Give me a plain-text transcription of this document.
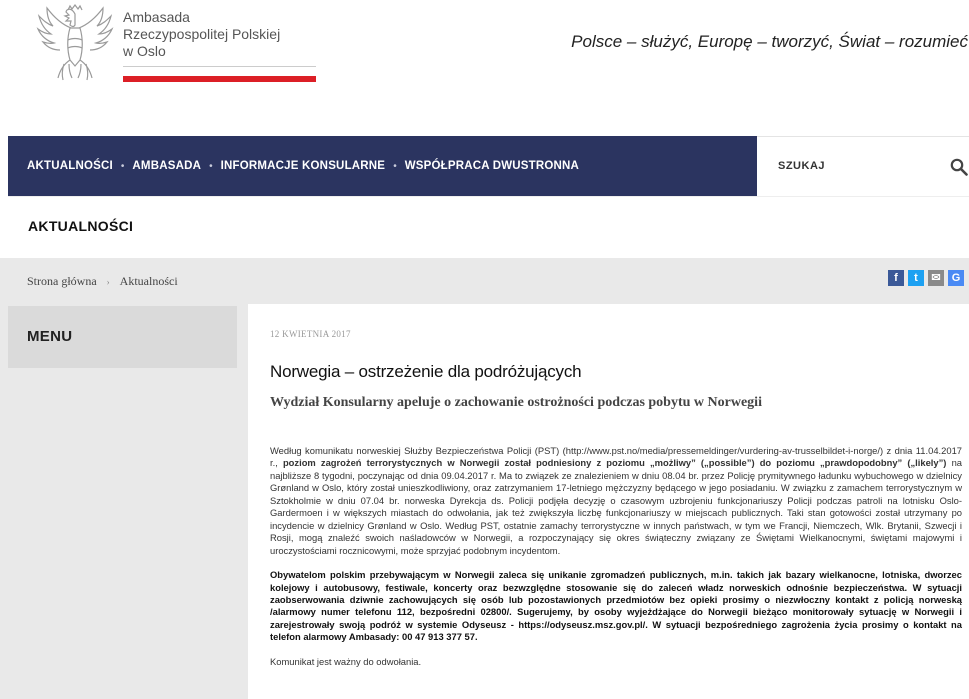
Ambasada
Rzeczypospolitej Polskiej
w Oslo	Polsce – służyć, Europę – tworzyć, Świat – rozumieć
AKTUALNOŚCI • AMBASADA • INFORMACJE KONSULARNE • WSPÓŁPRACA DWUSTRONNA	SZUKAJ
AKTUALNOŚCI
Strona główna › Aktualności	f	t	✉	G
MENU	12 KWIETNIA 2017
Norwegia – ostrzeżenie dla podróżujących
Wydział Konsularny apeluje o zachowanie ostrożności podczas pobytu w Norwegii

Według komunikatu norweskiej Służby Bezpieczeństwa Policji (PST) (http://www.pst.no/media/pressemeldinger/vurdering-av-trusselbildet-i-norge/) z dnia 11.04.2017 r., poziom zagrożeń terrorystycznych w Norwegii został podniesiony z poziomu „możliwy” („possible”) do poziomu „prawdopodobny” („likely”) na najbliższe 8 tygodni, poczynając od dnia 09.04.2017 r. Ma to związek ze znalezieniem w dniu 08.04 br. przez Policję prymitywnego ładunku wybuchowego w dzielnicy Grønland w Oslo, który został unieszkodliwiony, oraz zatrzymaniem 17-letniego mężczyzny będącego w jego posiadaniu. W związku z zamachem terrorystycznym w Sztokholmie w dniu 07.04 br. norweska Dyrekcja ds. Policji podjęła decyzję o czasowym uzbrojeniu funkcjonariuszy Policji podczas patroli na lotnisku Oslo-Gardermoen i w większych miastach do odwołania, jak też zwiększyła liczbę funkcjonariuszy w miejscach publicznych. Taki stan gotowości został utrzymany po incydencie w dzielnicy Grønland w Oslo. Według PST, ostatnie zamachy terrorystyczne w innych państwach, w tym we Francji, Niemczech, Wlk. Brytanii, Szwecji i Rosji, mogą znaleźć swoich naśladowców w Norwegii, a rozpoczynający się okres świąteczny związany ze Świętami Wielkanocnymi, świętami majowymi i uroczystościami rocznicowymi, może sprzyjać podobnym incydentom.

Obywatelom polskim przebywającym w Norwegii zaleca się unikanie zgromadzeń publicznych, m.in. takich jak bazary wielkanocne, lotniska, dworzec kolejowy i autobusowy, festiwale, koncerty oraz bezwzględne stosowanie się do zaleceń władz norweskich odnośnie bezpieczeństwa. W sytuacji zaobserwowania dziwnie zachowujących się osób lub pozostawionych przedmiotów bez opieki prosimy o niezwłoczny kontakt z policją norweską /alarmowy numer telefonu 112, bezpośredni 02800/. Sugerujemy, by osoby wyjeżdżające do Norwegii bieżąco monitorowały sytuację w Norwegii i zarejestrowały swoją podróż w systemie Odyseusz - https://odyseusz.msz.gov.pl/. W sytuacji bezpośredniego zagrożenia życia prosimy o kontakt na telefon alarmowy Ambasady: 00 47 913 377 57.

Komunikat jest ważny do odwołania.
